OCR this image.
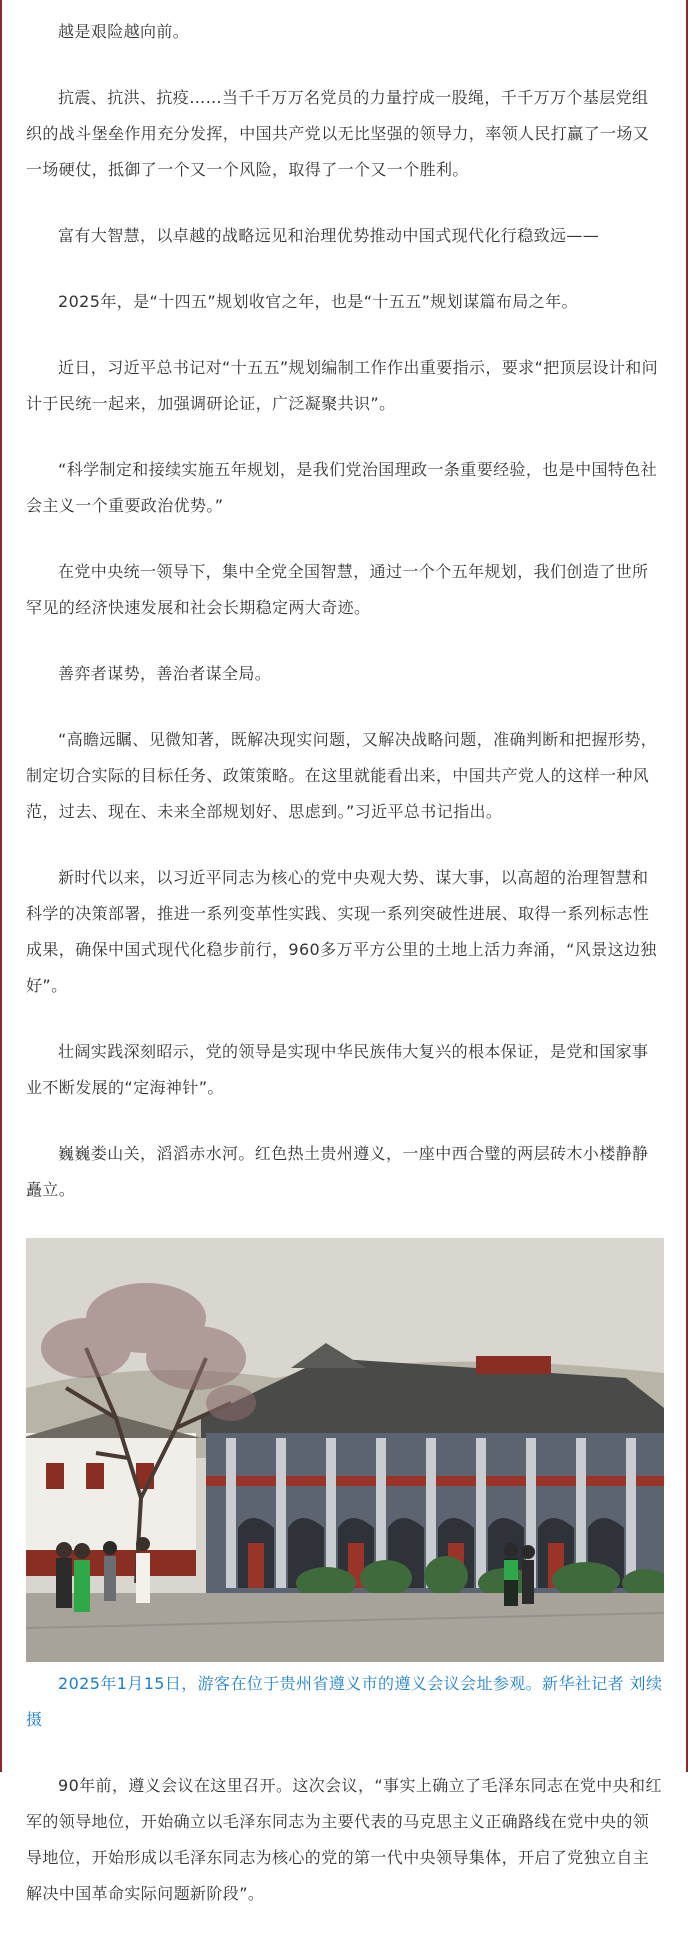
越是艰险越向前。

抗震、抗洪、抗疫……当千千万万名党员的力量拧成一股绳，千千万万个基层党组织的战斗堡垒作用充分发挥，中国共产党以无比坚强的领导力，率领人民打赢了一场又一场硬仗，抵御了一个又一个风险，取得了一个又一个胜利。

富有大智慧，以卓越的战略远见和治理优势推动中国式现代化行稳致远——

2025年，是“十四五”规划收官之年，也是“十五五”规划谋篇布局之年。

近日，习近平总书记对“十五五”规划编制工作作出重要指示，要求“把顶层设计和问计于民统一起来，加强调研论证，广泛凝聚共识”。

“科学制定和接续实施五年规划，是我们党治国理政一条重要经验，也是中国特色社会主义一个重要政治优势。”

在党中央统一领导下，集中全党全国智慧，通过一个个五年规划，我们创造了世所罕见的经济快速发展和社会长期稳定两大奇迹。

善弈者谋势，善治者谋全局。

“高瞻远瞩、见微知著，既解决现实问题，又解决战略问题，准确判断和把握形势，制定切合实际的目标任务、政策策略。在这里就能看出来，中国共产党人的这样一种风范，过去、现在、未来全部规划好、思虑到。”习近平总书记指出。

新时代以来，以习近平同志为核心的党中央观大势、谋大事，以高超的治理智慧和科学的决策部署，推进一系列变革性实践、实现一系列突破性进展、取得一系列标志性成果，确保中国式现代化稳步前行，960多万平方公里的土地上活力奔涌，“风景这边独好”。

壮阔实践深刻昭示，党的领导是实现中华民族伟大复兴的根本保证，是党和国家事业不断发展的“定海神针”。

巍巍娄山关，滔滔赤水河。红色热土贵州遵义，一座中西合璧的两层砖木小楼静静矗立。

2025年1月15日，游客在位于贵州省遵义市的遵义会议会址参观。新华社记者 刘续 摄

90年前，遵义会议在这里召开。这次会议，“事实上确立了毛泽东同志在党中央和红军的领导地位，开始确立以毛泽东同志为主要代表的马克思主义正确路线在党中央的领导地位，开始形成以毛泽东同志为核心的党的第一代中央领导集体，开启了党独立自主解决中国革命实际问题新阶段”。
